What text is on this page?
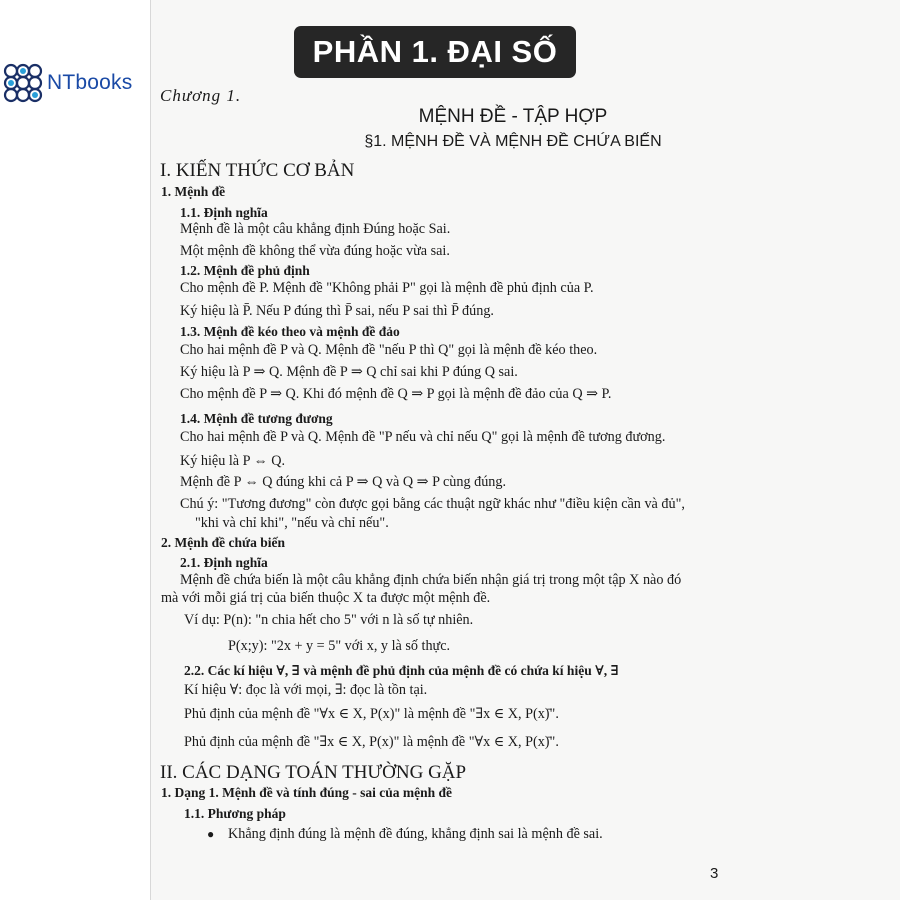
NTbooks
PHẦN 1. ĐẠI SỐ
Chương 1.
MỆNH ĐỀ - TẬP HỢP
§1. MỆNH ĐỀ VÀ MỆNH ĐỀ CHỨA BIẾN
I. KIẾN THỨC CƠ BẢN
1. Mệnh đề
1.1. Định nghĩa
Mệnh đề là một câu khẳng định Đúng hoặc Sai.
Một mệnh đề không thể vừa đúng hoặc vừa sai.
1.2. Mệnh đề phủ định
Cho mệnh đề P. Mệnh đề "Không phải P" gọi là mệnh đề phủ định của P.
Ký hiệu là P̄. Nếu P đúng thì P̄ sai, nếu P sai thì P̄ đúng.
1.3. Mệnh đề kéo theo và mệnh đề đảo
Cho hai mệnh đề P và Q. Mệnh đề "nếu P thì Q" gọi là mệnh đề kéo theo.
Ký hiệu là P ⇒ Q. Mệnh đề P ⇒ Q chỉ sai khi P đúng Q sai.
Cho mệnh đề P ⇒ Q. Khi đó mệnh đề Q ⇒ P gọi là mệnh đề đảo của Q ⇒ P.
1.4. Mệnh đề tương đương
Cho hai mệnh đề P và Q. Mệnh đề "P nếu và chỉ nếu Q" gọi là mệnh đề tương đương.
Ký hiệu là P ⇔ Q.
Mệnh đề P ⇔ Q đúng khi cả P ⇒ Q và Q ⇒ P cùng đúng.
Chú ý: "Tương đương" còn được gọi bằng các thuật ngữ khác như "điều kiện cần và đủ",
"khi và chỉ khi", "nếu và chỉ nếu".
2. Mệnh đề chứa biến
2.1. Định nghĩa
Mệnh đề chứa biến là một câu khẳng định chứa biến nhận giá trị trong một tập X nào đó
mà với mỗi giá trị của biến thuộc X ta được một mệnh đề.
Ví dụ: P(n): "n chia hết cho 5" với n là số tự nhiên.
P(x;y): "2x + y = 5" với x, y là số thực.
2.2. Các kí hiệu ∀, ∃ và mệnh đề phủ định của mệnh đề có chứa kí hiệu ∀, ∃
Kí hiệu ∀: đọc là với mọi, ∃: đọc là tồn tại.
Phủ định của mệnh đề "∀x ∈ X, P(x)" là mệnh đề "∃x ∈ X, P(x)̄".
Phủ định của mệnh đề "∃x ∈ X, P(x)" là mệnh đề "∀x ∈ X, P(x)̄".
II. CÁC DẠNG TOÁN THƯỜNG GẶP
1. Dạng 1. Mệnh đề và tính đúng - sai của mệnh đề
1.1. Phương pháp
Khẳng định đúng là mệnh đề đúng, khẳng định sai là mệnh đề sai.
●
3
